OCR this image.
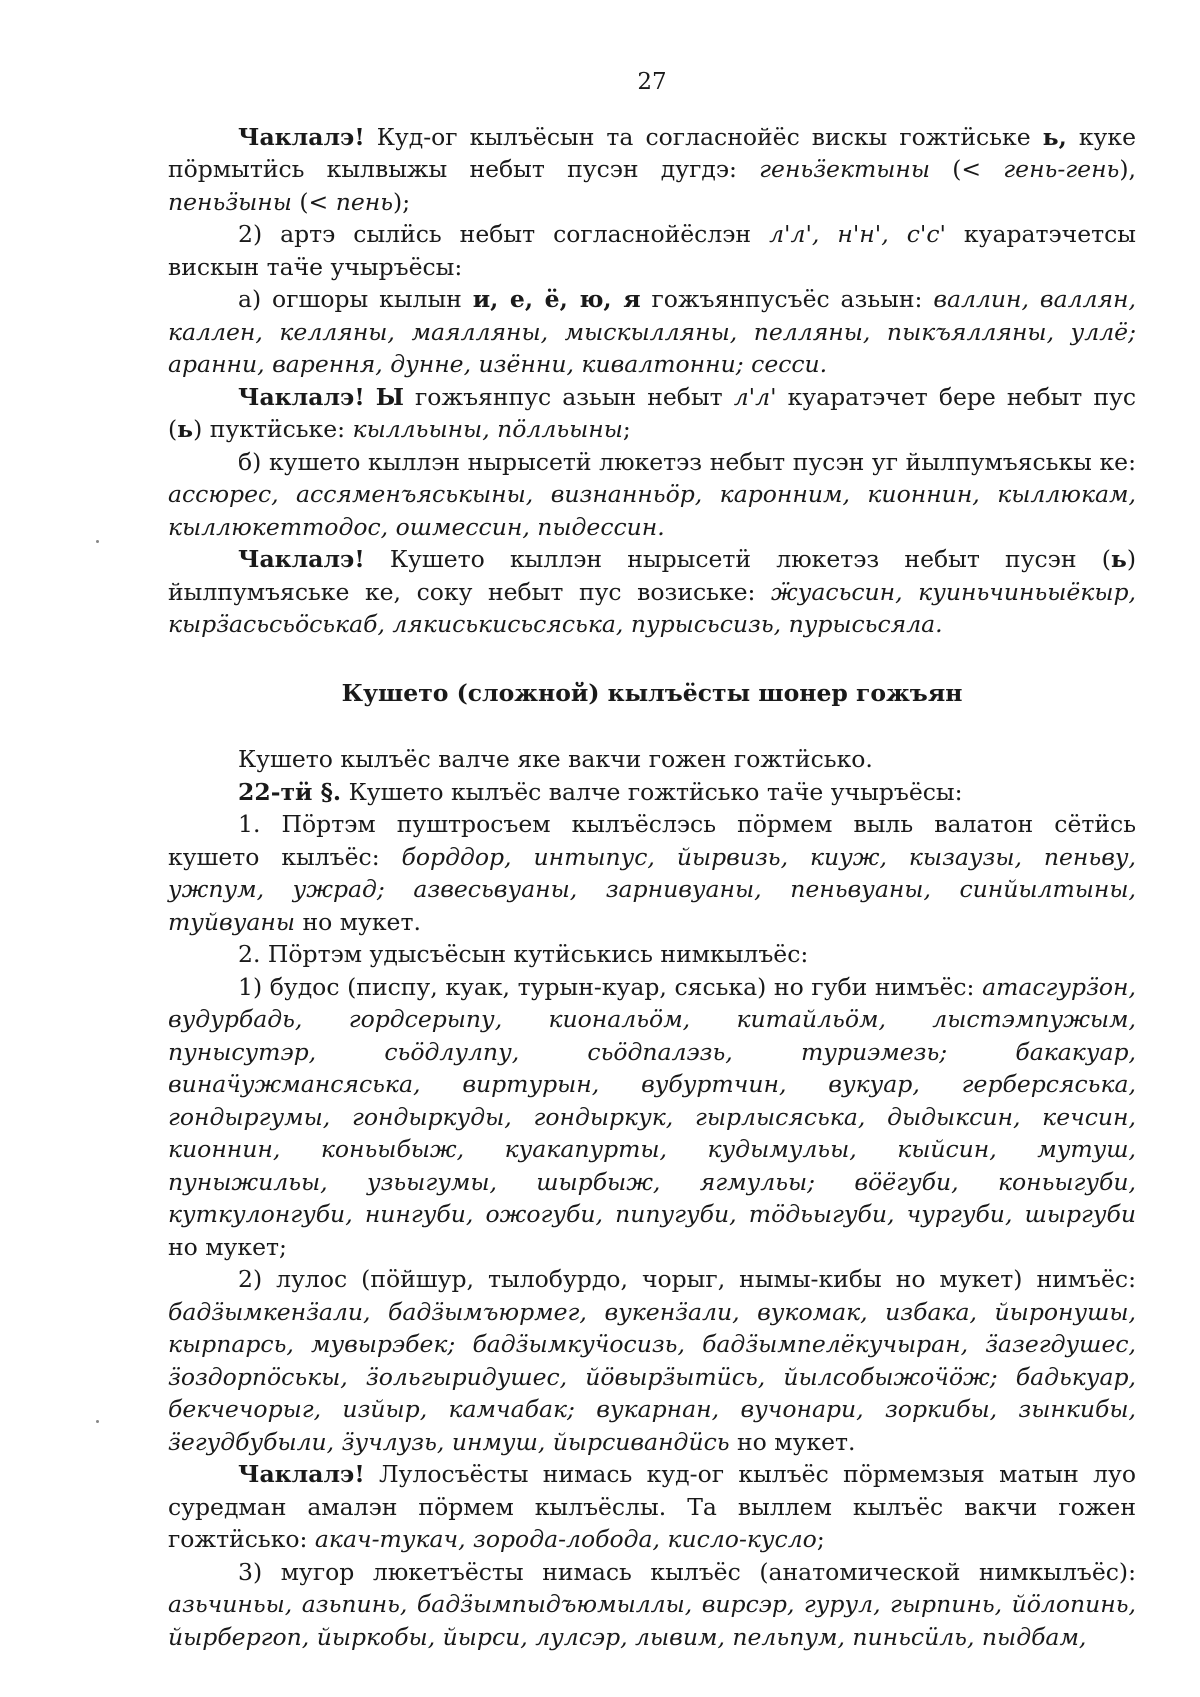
27

Чаклалэ! Куд-ог кылъёсын та согласнойёс вискы гожтӥське ь, куке пӧрмытӥсь кылвыжы небыт пусэн дугдэ: геньӟектыны (< гень-гень), пеньӟыны (< пень);

2) артэ сылӥсь небыт согласнойёслэн л'л', н'н', с'с' куаратэчетсы вискын таӵе учыръёсы:

а) огшоры кылын и, е, ё, ю, я гожъянпусъёс азьын: валлин, валлян, каллен, келляны, маялляны, мыскылляны, пелляны, пыкъялляны, уллё; аранни, варення, дунне, изённи, кивалтонни; сесси.

Чаклалэ! Ы гожъянпус азьын небыт л'л' куаратэчет бере небыт пус (ь) пуктӥське: кылльыны, пӧлльыны;

б) кушето кыллэн нырысетӥ люкетэз небыт пусэн уг йылпумъяськы ке: ассюрес, ассяменъяськыны, визнанньӧр, каронним, кионнин, кыллюкам, кыллюкеттодос, ошмессин, пыдессин.

Чаклалэ! Кушето кыллэн нырысетӥ люкетэз небыт пусэн (ь) йылпумъяське ке, соку небыт пус возиське: ӝуасьсин, куиньчиньыёкыр, кырӟасьсьӧськаб, лякиськисьсяська, пурысьсизь, пурысьсяла.

Кушето (сложной) кылъёсты шонер гожъян

Кушето кылъёс валче яке вакчи гожен гожтӥсько.

22-тӥ §. Кушето кылъёс валче гожтӥсько таӵе учыръёсы:

1. Пӧртэм пуштросъем кылъёслэсь пӧрмем выль валатон сётӥсь кушето кылъёс: борддор, интыпус, йырвизь, киуж, кызаузы, пеньву, ужпум, ужрад; азвесьвуаны, зарнивуаны, пеньвуаны, синйылтыны, туйвуаны но мукет.

2. Пӧртэм удысъёсын кутӥськись нимкылъёс:

1) будос (писпу, куак, турын-куар, сяська) но губи нимъёс: атасгурӟон, вудурбадь, гордсерыпу, киональӧм, китайльӧм, лыстэмпужым, пунысутэр, сьӧдлулпу, сьӧдпалэзь, туриэмезь; бакакуар, винаӵужмансяська, виртурын, вубуртчин, вукуар, герберсяська, гондыргумы, гондыркуды, гондыркук, гырлысяська, дыдыксин, кечсин, кионнин, коньыбыж, куакапурты, кудымульы, кыйсин, мутуш, пуныжильы, узьыгумы, шырбыж, ягмульы; вӧёгуби, коньыгуби, куткулонгуби, нингуби, ожогуби, пипугуби, тӧдьыгуби, чургуби, шыргуби но мукет;

2) лулос (пӧйшур, тылобурдо, чорыг, нымы-кибы но мукет) нимъёс: бадӟымкенӟали, бадӟымъюрмег, вукенӟали, вукомак, избака, йыронушы, кырпарсь, мувырэбек; бадӟымкуӵосизь, бадӟымпелёкучыран, ӟазегдушес, ӟоздорпӧськы, ӟольгыридушес, йӧвырӟытӥсь, йылсобыжоӵӧж; бадькуар, бекчечорыг, изйыр, камчабак; вукарнан, вучонари, зоркибы, зынкибы, ӟегудбубыли, ӟучлузь, инмуш, йырсивандӥсь но мукет.

Чаклалэ! Лулосъёсты нимась куд-ог кылъёс пӧрмемзыя матын луо суредман амалэн пӧрмем кылъёслы. Та выллем кылъёс вакчи гожен гожтӥсько: акач-тукач, зорода-лобода, кисло-кусло;

3) мугор люкетъёсты нимась кылъёс (анатомической нимкылъёс): азьчиньы, азьпинь, бадӟымпыдъюмыллы, вирсэр, гурул, гырпинь, йӧлопинь, йырбергоп, йыркобы, йырси, лулсэр, лывим, пельпум, пиньсӥль, пыдбам,
